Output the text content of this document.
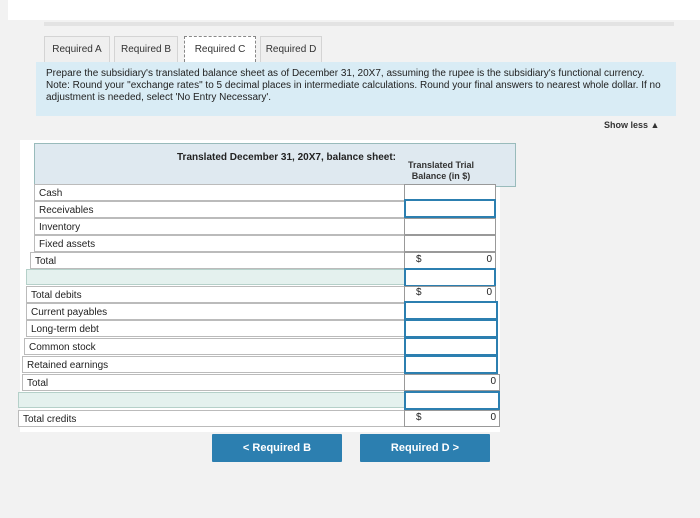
Required A	Required B	Required C	Required D
Prepare the subsidiary's translated balance sheet as of December 31, 20X7, assuming the rupee is the subsidiary's functional currency.
Note: Round your "exchange rates" to 5 decimal places in intermediate calculations. Round your final answers to nearest whole dollar. If no adjustment is needed, select 'No Entry Necessary'.
Show less ▲
Translated December 31, 20X7, balance sheet:
Translated Trial Balance (in $)
Cash
Receivables
Inventory
Fixed assets
Total	$	0
Total debits	$	0
Current payables
Long-term debt
Common stock
Retained earnings
Total	0
Total credits	$	0
< Required B	Required D >
